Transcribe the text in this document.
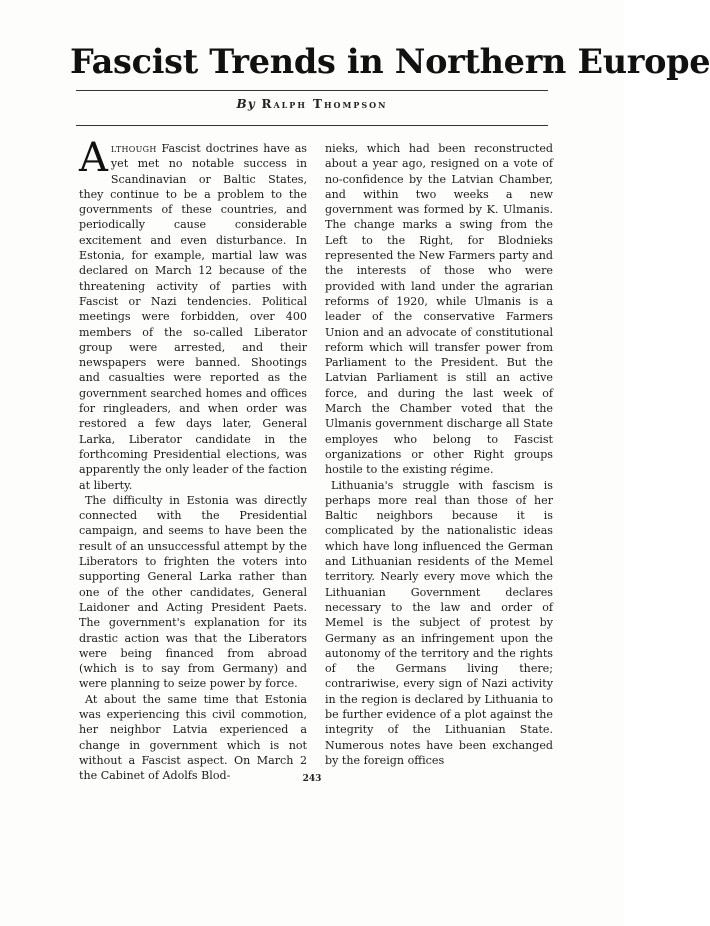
Fascist Trends in Northern Europe
By Ralph Thompson

Although Fascist doctrines have as yet met no notable success in Scandinavian or Baltic States, they continue to be a problem to the governments of these countries, and periodically cause considerable excitement and even disturbance. In Estonia, for example, martial law was declared on March 12 because of the threatening activity of parties with Fascist or Nazi tendencies. Political meetings were forbidden, over 400 members of the so-called Liberator group were arrested, and their newspapers were banned. Shootings and casualties were reported as the government searched homes and offices for ringleaders, and when order was restored a few days later, General Larka, Liberator candidate in the forthcoming Presidential elections, was apparently the only leader of the faction at liberty.

The difficulty in Estonia was directly connected with the Presidential campaign, and seems to have been the result of an unsuccessful attempt by the Liberators to frighten the voters into supporting General Larka rather than one of the other candidates, General Laidoner and Acting President Paets. The government's explanation for its drastic action was that the Liberators were being financed from abroad (which is to say from Germany) and were planning to seize power by force.

At about the same time that Estonia was experiencing this civil commotion, her neighbor Latvia experienced a change in government which is not without a Fascist aspect. On March 2 the Cabinet of Adolfs Blod-

nieks, which had been reconstructed about a year ago, resigned on a vote of no-confidence by the Latvian Chamber, and within two weeks a new government was formed by K. Ulmanis. The change marks a swing from the Left to the Right, for Blodnieks represented the New Farmers party and the interests of those who were provided with land under the agrarian reforms of 1920, while Ulmanis is a leader of the conservative Farmers Union and an advocate of constitutional reform which will transfer power from Parliament to the President. But the Latvian Parliament is still an active force, and during the last week of March the Chamber voted that the Ulmanis government discharge all State employes who belong to Fascist organizations or other Right groups hostile to the existing régime.

Lithuania's struggle with fascism is perhaps more real than those of her Baltic neighbors because it is complicated by the nationalistic ideas which have long influenced the German and Lithuanian residents of the Memel territory. Nearly every move which the Lithuanian Government declares necessary to the law and order of Memel is the subject of protest by Germany as an infringement upon the autonomy of the territory and the rights of the Germans living there; contrariwise, every sign of Nazi activity in the region is declared by Lithuania to be further evidence of a plot against the integrity of the Lithuanian State. Numerous notes have been exchanged by the foreign offices

243
